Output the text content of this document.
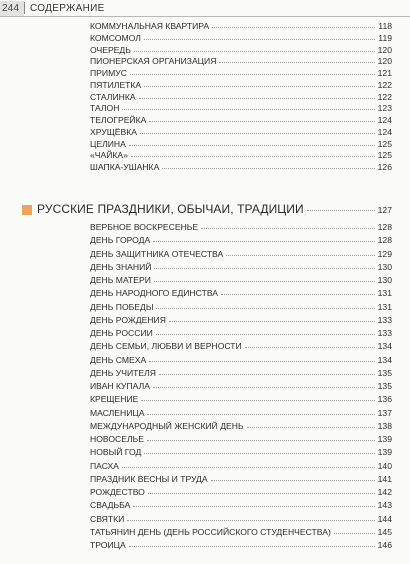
244	СОДЕРЖАНИЕ
КОММУНАЛЬНАЯ КВАРТИРА	118
КОМСОМОЛ	119
ОЧЕРЕДЬ	120
ПИОНЕРСКАЯ ОРГАНИЗАЦИЯ	120
ПРИМУС	121
ПЯТИЛЕТКА	122
СТАЛИНКА	122
ТАЛОН	123
ТЕЛОГРЕЙКА	124
ХРУЩЁВКА	124
ЦЕЛИНА	125
«ЧАЙКА»	125
ШАПКА-УШАНКА	126
РУССКИЕ ПРАЗДНИКИ, ОБЫЧАИ, ТРАДИЦИИ	127
ВЕРБНОЕ ВОСКРЕСЕНЬЕ	128
ДЕНЬ ГОРОДА	128
ДЕНЬ ЗАЩИТНИКА ОТЕЧЕСТВА	129
ДЕНЬ ЗНАНИЙ	130
ДЕНЬ МАТЕРИ	130
ДЕНЬ НАРОДНОГО ЕДИНСТВА	131
ДЕНЬ ПОБЕДЫ	131
ДЕНЬ РОЖДЕНИЯ	133
ДЕНЬ РОССИИ	133
ДЕНЬ СЕМЬИ, ЛЮБВИ И ВЕРНОСТИ	134
ДЕНЬ СМЕХА	134
ДЕНЬ УЧИТЕЛЯ	135
ИВАН КУПАЛА	135
КРЕЩЕНИЕ	136
МАСЛЕНИЦА	137
МЕЖДУНАРОДНЫЙ ЖЕНСКИЙ ДЕНЬ	138
НОВОСЕЛЬЕ	139
НОВЫЙ ГОД	139
ПАСХА	140
ПРАЗДНИК ВЕСНЫ И ТРУДА	141
РОЖДЕСТВО	142
СВАДЬБА	143
СВЯТКИ	144
ТАТЬЯНИН ДЕНЬ (ДЕНЬ РОССИЙСКОГО СТУДЕНЧЕСТВА)	145
ТРОИЦА	146
